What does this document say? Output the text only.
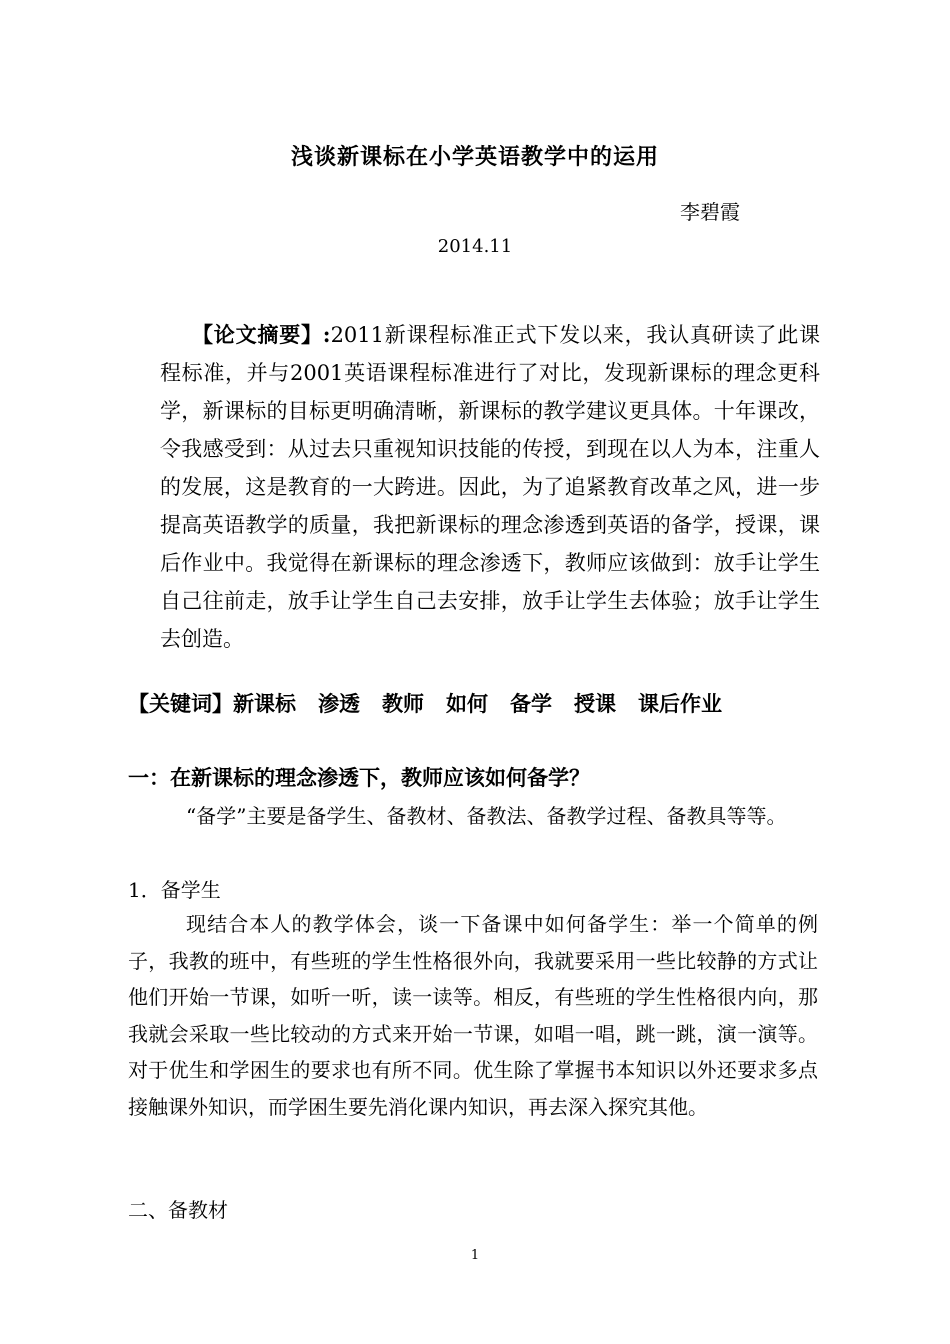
浅谈新课标在小学英语教学中的运用
李碧霞
2014.11

【论文摘要】:2011新课程标准正式下发以来，我认真研读了此课程标准，并与2001英语课程标准进行了对比，发现新课标的理念更科学，新课标的目标更明确清晰，新课标的教学建议更具体。十年课改，令我感受到：从过去只重视知识技能的传授，到现在以人为本，注重人的发展，这是教育的一大跨进。因此，为了追紧教育改革之风，进一步提高英语教学的质量，我把新课标的理念渗透到英语的备学，授课，课后作业中。我觉得在新课标的理念渗透下，教师应该做到：放手让学生自己往前走，放手让学生自己去安排，放手让学生去体验；放手让学生去创造。

【关键词】新课标 渗透 教师 如何 备学 授课 课后作业
一：在新课标的理念渗透下，教师应该如何备学？
“备学”主要是备学生、备教材、备教法、备教学过程、备教具等等。
1．备学生

现结合本人的教学体会，谈一下备课中如何备学生：举一个简单的例子，我教的班中，有些班的学生性格很外向，我就要采用一些比较静的方式让他们开始一节课，如听一听，读一读等。相反，有些班的学生性格很内向，那我就会采取一些比较动的方式来开始一节课，如唱一唱，跳一跳，演一演等。对于优生和学困生的要求也有所不同。优生除了掌握书本知识以外还要求多点接触课外知识，而学困生要先消化课内知识，再去深入探究其他。

二、备教材
1
